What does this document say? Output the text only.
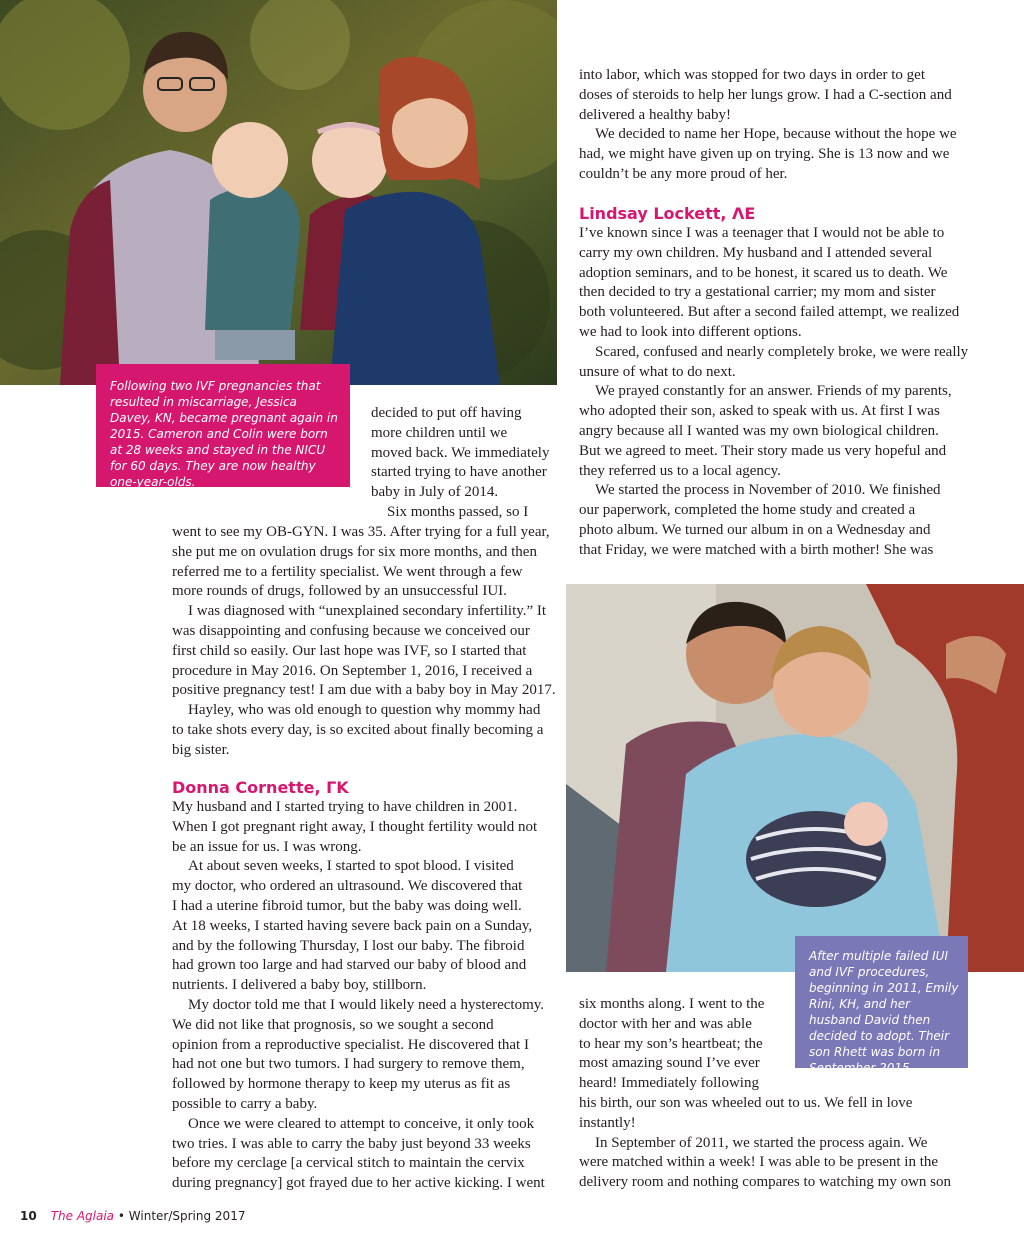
Following two IVF pregnancies that resulted in miscarriage, Jessica Davey, KN, became pregnant again in 2015. Cameron and Colin were born at 28 weeks and stayed in the NICU for 60 days. They are now healthy one-year-olds.
After multiple failed IUI and IVF procedures, beginning in 2011, Emily Rini, KH, and her husband David then decided to adopt. Their son Rhett was born in September 2015.
decided to put off having
more children until we
moved back. We immediately
started trying to have another
baby in July of 2014.
Six months passed, so I
went to see my OB-GYN. I was 35. After trying for a full year,
she put me on ovulation drugs for six more months, and then
referred me to a fertility specialist. We went through a few
more rounds of drugs, followed by an unsuccessful IUI.
I was diagnosed with “unexplained secondary infertility.” It
was disappointing and confusing because we conceived our
first child so easily. Our last hope was IVF, so I started that
procedure in May 2016. On September 1, 2016, I received a
positive pregnancy test! I am due with a baby boy in May 2017.
Hayley, who was old enough to question why mommy had
to take shots every day, is so excited about finally becoming a
big sister.
Donna Cornette, ΓK
My husband and I started trying to have children in 2001.
When I got pregnant right away, I thought fertility would not
be an issue for us. I was wrong.
At about seven weeks, I started to spot blood. I visited
my doctor, who ordered an ultrasound. We discovered that
I had a uterine fibroid tumor, but the baby was doing well.
At 18 weeks, I started having severe back pain on a Sunday,
and by the following Thursday, I lost our baby. The fibroid
had grown too large and had starved our baby of blood and
nutrients. I delivered a baby boy, stillborn.
My doctor told me that I would likely need a hysterectomy.
We did not like that prognosis, so we sought a second
opinion from a reproductive specialist. He discovered that I
had not one but two tumors. I had surgery to remove them,
followed by hormone therapy to keep my uterus as fit as
possible to carry a baby.
Once we were cleared to attempt to conceive, it only took
two tries. I was able to carry the baby just beyond 33 weeks
before my cerclage [a cervical stitch to maintain the cervix
during pregnancy] got frayed due to her active kicking. I went
into labor, which was stopped for two days in order to get
doses of steroids to help her lungs grow. I had a C-section and
delivered a healthy baby!
We decided to name her Hope, because without the hope we
had, we might have given up on trying. She is 13 now and we
couldn’t be any more proud of her.
Lindsay Lockett, ΛE
I’ve known since I was a teenager that I would not be able to
carry my own children. My husband and I attended several
adoption seminars, and to be honest, it scared us to death. We
then decided to try a gestational carrier; my mom and sister
both volunteered. But after a second failed attempt, we realized
we had to look into different options.
Scared, confused and nearly completely broke, we were really
unsure of what to do next.
We prayed constantly for an answer. Friends of my parents,
who adopted their son, asked to speak with us. At first I was
angry because all I wanted was my own biological children.
But we agreed to meet. Their story made us very hopeful and
they referred us to a local agency.
We started the process in November of 2010. We finished
our paperwork, completed the home study and created a
photo album. We turned our album in on a Wednesday and
that Friday, we were matched with a birth mother! She was
six months along. I went to the
doctor with her and was able
to hear my son’s heartbeat; the
most amazing sound I’ve ever
heard! Immediately following
his birth, our son was wheeled out to us. We fell in love
instantly!
In September of 2011, we started the process again. We
were matched within a week! I was able to be present in the
delivery room and nothing compares to watching my own son
10 The Aglaia • Winter/Spring 2017
